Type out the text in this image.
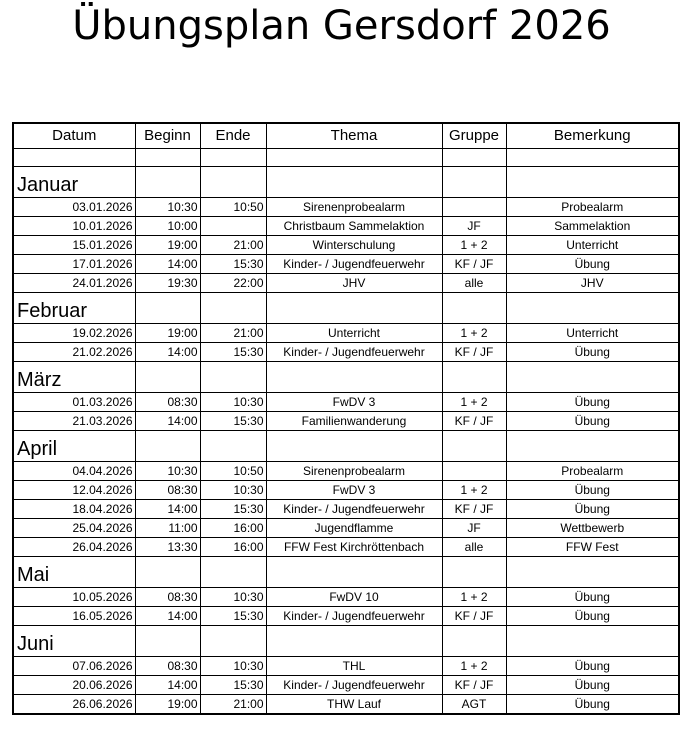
Übungsplan Gersdorf 2026
Datum	Beginn	Ende	Thema	Gruppe	Bemerkung

Januar					
03.01.2026	10:30	10:50	Sirenenprobealarm		Probealarm
10.01.2026	10:00		Christbaum Sammelaktion	JF	Sammelaktion
15.01.2026	19:00	21:00	Winterschulung	1 + 2	Unterricht
17.01.2026	14:00	15:30	Kinder- / Jugendfeuerwehr	KF / JF	Übung
24.01.2026	19:30	22:00	JHV	alle	JHV
Februar					
19.02.2026	19:00	21:00	Unterricht	1 + 2	Unterricht
21.02.2026	14:00	15:30	Kinder- / Jugendfeuerwehr	KF / JF	Übung
März					
01.03.2026	08:30	10:30	FwDV 3	1 + 2	Übung
21.03.2026	14:00	15:30	Familienwanderung	KF / JF	Übung
April					
04.04.2026	10:30	10:50	Sirenenprobealarm		Probealarm
12.04.2026	08:30	10:30	FwDV 3	1 + 2	Übung
18.04.2026	14:00	15:30	Kinder- / Jugendfeuerwehr	KF / JF	Übung
25.04.2026	11:00	16:00	Jugendflamme	JF	Wettbewerb
26.04.2026	13:30	16:00	FFW Fest Kirchröttenbach	alle	FFW Fest
Mai					
10.05.2026	08:30	10:30	FwDV 10	1 + 2	Übung
16.05.2026	14:00	15:30	Kinder- / Jugendfeuerwehr	KF / JF	Übung
Juni					
07.06.2026	08:30	10:30	THL	1 + 2	Übung
20.06.2026	14:00	15:30	Kinder- / Jugendfeuerwehr	KF / JF	Übung
26.06.2026	19:00	21:00	THW Lauf	AGT	Übung
